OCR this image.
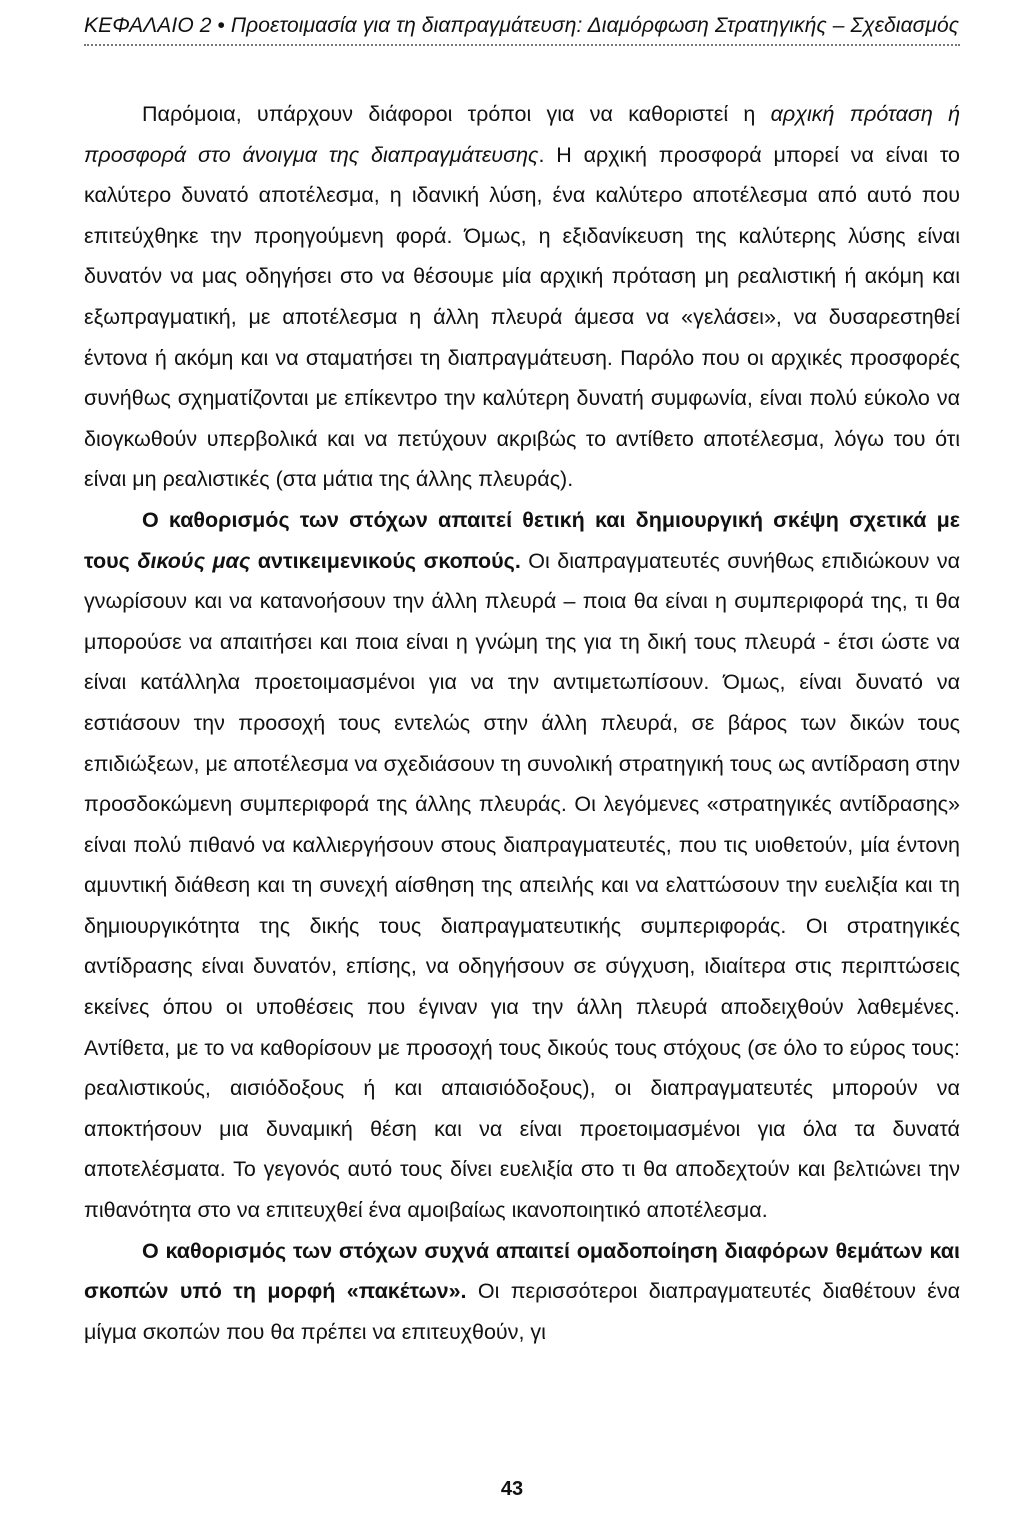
ΚΕΦΑΛΑΙΟ 2 • Προετοιμασία για τη διαπραγμάτευση: Διαμόρφωση Στρατηγικής – Σχεδιασμός

Παρόμοια, υπάρχουν διάφοροι τρόποι για να καθοριστεί η αρχική πρόταση ή προσφορά στο άνοιγμα της διαπραγμάτευσης. Η αρχική προσφορά μπορεί να είναι το καλύτερο δυνατό αποτέλεσμα, η ιδανική λύση, ένα καλύτερο αποτέλεσμα από αυτό που επιτεύχθηκε την προηγούμενη φορά. Όμως, η εξιδανίκευση της καλύτερης λύσης είναι δυνατόν να μας οδηγήσει στο να θέσουμε μία αρχική πρόταση μη ρεαλιστική ή ακόμη και εξωπραγματική, με αποτέλεσμα η άλλη πλευρά άμεσα να «γελάσει», να δυσαρεστηθεί έντονα ή ακόμη και να σταματήσει τη διαπραγμάτευση. Παρόλο που οι αρχικές προσφορές συνήθως σχηματίζονται με επίκεντρο την καλύτερη δυνατή συμφωνία, είναι πολύ εύκολο να διογκωθούν υπερβολικά και να πετύχουν ακριβώς το αντίθετο αποτέλεσμα, λόγω του ότι είναι μη ρεαλιστικές (στα μάτια της άλλης πλευράς).

Ο καθορισμός των στόχων απαιτεί θετική και δημιουργική σκέψη σχετικά με τους δικούς μας αντικειμενικούς σκοπούς. Οι διαπραγματευτές συνήθως επιδιώκουν να γνωρίσουν και να κατανοήσουν την άλλη πλευρά – ποια θα είναι η συμπεριφορά της, τι θα μπορούσε να απαιτήσει και ποια είναι η γνώμη της για τη δική τους πλευρά - έτσι ώστε να είναι κατάλληλα προετοιμασμένοι για να την αντιμετωπίσουν. Όμως, είναι δυνατό να εστιάσουν την προσοχή τους εντελώς στην άλλη πλευρά, σε βάρος των δικών τους επιδιώξεων, με αποτέλεσμα να σχεδιάσουν τη συνολική στρατηγική τους ως αντίδραση στην προσδοκώμενη συμπεριφορά της άλλης πλευράς. Οι λεγόμενες «στρατηγικές αντίδρασης» είναι πολύ πιθανό να καλλιεργήσουν στους διαπραγματευτές, που τις υιοθετούν, μία έντονη αμυντική διάθεση και τη συνεχή αίσθηση της απειλής και να ελαττώσουν την ευελιξία και τη δημιουργικότητα της δικής τους διαπραγματευτικής συμπεριφοράς. Οι στρατηγικές αντίδρασης είναι δυνατόν, επίσης, να οδηγήσουν σε σύγχυση, ιδιαίτερα στις περιπτώσεις εκείνες όπου οι υποθέσεις που έγιναν για την άλλη πλευρά αποδειχθούν λαθεμένες. Αντίθετα, με το να καθορίσουν με προσοχή τους δικούς τους στόχους (σε όλο το εύρος τους: ρεαλιστικούς, αισιόδοξους ή και απαισιόδοξους), οι διαπραγματευτές μπορούν να αποκτήσουν μια δυναμική θέση και να είναι προετοιμασμένοι για όλα τα δυνατά αποτελέσματα. Το γεγονός αυτό τους δίνει ευελιξία στο τι θα αποδεχτούν και βελτιώνει την πιθανότητα στο να επιτευχθεί ένα αμοιβαίως ικανοποιητικό αποτέλεσμα.

Ο καθορισμός των στόχων συχνά απαιτεί ομαδοποίηση διαφόρων θεμάτων και σκοπών υπό τη μορφή «πακέτων». Οι περισσότεροι διαπραγματευτές διαθέτουν ένα μίγμα σκοπών που θα πρέπει να επιτευχθούν, γι

43
